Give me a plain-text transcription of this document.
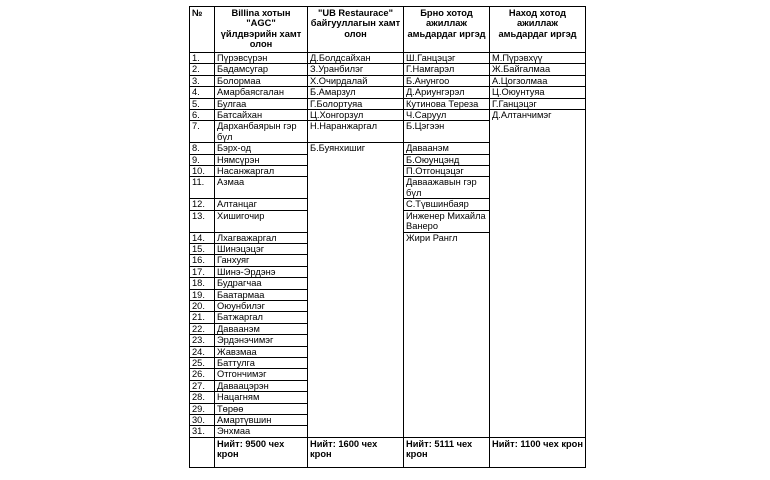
№	Billina хотын "AGC" үйлдвэрийн хамт олон	"UB Restaurace" байгууллагын хамт олон	Брно хотод ажиллаж амьдардаг иргэд	Наход хотод ажиллаж амьдардаг иргэд
1.	Пүрэвсүрэн	Д.Болдсайхан	Ш.Ганцэцэг	М.Пүрэвхүү
2.	Бадамсугар	З.Уранбилэг	Г.Намгарэл	Ж.Байгалмаа
3.	Болормаа	Х.Очирдалай	Б.Анунгоо	А.Цогзолмаа
4.	Амарбаясгалан	Б.Амарзул	Д.Ариунгэрэл	Ц.Оюунтуяа
5.	Булгаа	Г.Болортуяа	Кутинова Тереза	Г.Ганцэцэг
6.	Батсайхан	Ц.Хонгорзул	Ч.Саруул	Д.Алтанчимэг
7.	Дарханбаярын гэр бүл	Н.Наранжаргал	Б.Цэгээн	
8.	Бэрх-од	Б.Буянхишиг	Даваанэм	
9.	Нямсүрэн		Б.Оюунцэнд	
10.	Насанжаргал		П.Отгонцэцэг	
11.	Азмаа		Даваажавын гэр бүл	
12.	Алтанцаг		С.Түвшинбаяр	
13.	Хишигочир		Инженер Михайла Ванеро	
14.	Лхагважаргал		Жири Рангл	
15.	Шинэцэцэг			
16.	Ганхуяг			
17.	Шинэ-Эрдэнэ			
18.	Будрагчаа			
19.	Баатармаа			
20.	Оюунбилэг			
21.	Батжаргал			
22.	Даваанэм			
23.	Эрдэнэчимэг			
24.	Жавзмаа			
25.	Баттулга			
26.	Отгончимэг			
27.	Даваацэрэн			
28.	Нацагням			
29.	Төрөө			
30.	Амартүвшин			
31.	Энхмаа			
	Нийт: 9500 чех крон	Нийт: 1600 чех крон	Нийт: 5111 чех крон	Нийт: 1100 чех крон
